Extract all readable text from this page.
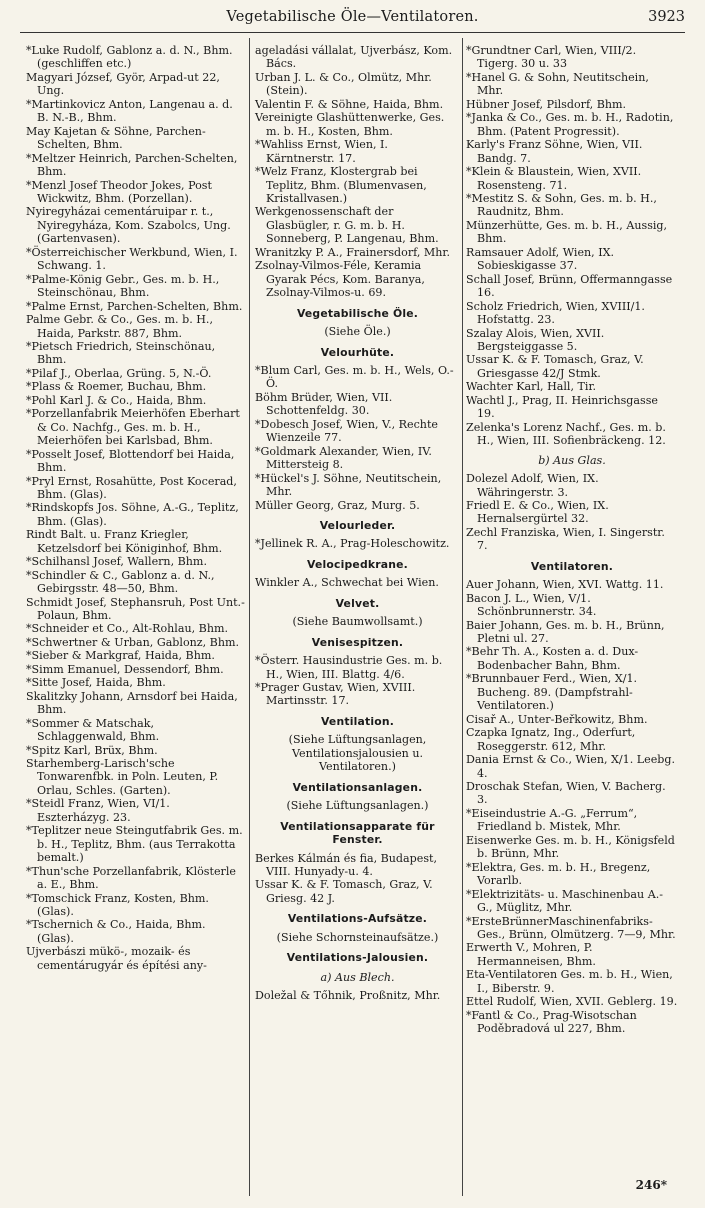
Vegetabilische Öle—Ventilatoren.	3923

*Luke Rudolf, Gablonz a. d. N., Bhm. (geschliffen etc.)

Magyari József, Györ, Arpad-ut 22, Ung.

*Martinkovicz Anton, Langenau a. d. B. N.-B., Bhm.

May Kajetan & Söhne, Parchen-Schelten, Bhm.

*Meltzer Heinrich, Parchen-Schelten, Bhm.

*Menzl Josef Theodor Jokes, Post Wickwitz, Bhm. (Porzellan).

Nyiregyházai cementáruipar r. t., Nyiregyháza, Kom. Szabolcs, Ung. (Gartenvasen).

*Österreichischer Werkbund, Wien, I. Schwang. 1.

*Palme-König Gebr., Ges. m. b. H., Steinschönau, Bhm.

*Palme Ernst, Parchen-Schelten, Bhm.

Palme Gebr. & Co., Ges. m. b. H., Haida, Parkstr. 887, Bhm.

*Pietsch Friedrich, Steinschönau, Bhm.

*Pilaf J., Oberlaa, Grüng. 5, N.-Ö.

*Plass & Roemer, Buchau, Bhm.

*Pohl Karl J. & Co., Haida, Bhm.

*Porzellanfabrik Meierhöfen Eberhart & Co. Nachfg., Ges. m. b. H., Meierhöfen bei Karlsbad, Bhm.

*Posselt Josef, Blottendorf bei Haida, Bhm.

*Pryl Ernst, Rosahütte, Post Kocerad, Bhm. (Glas).

*Rindskopfs Jos. Söhne, A.-G., Teplitz, Bhm. (Glas).

Rindt Balt. u. Franz Kriegler, Ketzelsdorf bei Königinhof, Bhm.

*Schilhansl Josef, Wallern, Bhm.

*Schindler & C., Gablonz a. d. N., Gebirgsstr. 48—50, Bhm.

Schmidt Josef, Stephansruh, Post Unt.-Polaun, Bhm.

*Schneider et Co., Alt-Rohlau, Bhm.

*Schwertner & Urban, Gablonz, Bhm.

*Sieber & Markgraf, Haida, Bhm.

*Simm Emanuel, Dessendorf, Bhm.

*Sitte Josef, Haida, Bhm.

Skalitzky Johann, Arnsdorf bei Haida, Bhm.

*Sommer & Matschak, Schlaggenwald, Bhm.

*Spitz Karl, Brüx, Bhm.

Starhemberg-Larisch'sche Tonwarenfbk. in Poln. Leuten, P. Orlau, Schles. (Garten).

*Steidl Franz, Wien, VI/1. Eszterházyg. 23.

*Teplitzer neue Steingutfabrik Ges. m. b. H., Teplitz, Bhm. (aus Terrakotta bemalt.)

*Thun'sche Porzellanfabrik, Klösterle a. E., Bhm.

*Tomschick Franz, Kosten, Bhm. (Glas).

*Tschernich & Co., Haida, Bhm. (Glas).

Ujverbászi mükö-, mozaik- és cementárugyár és építési any-

ageladási vállalat, Ujverbász, Kom. Bács.

Urban J. L. & Co., Olmütz, Mhr. (Stein).

Valentin F. & Söhne, Haida, Bhm.

Vereinigte Glashüttenwerke, Ges. m. b. H., Kosten, Bhm.

*Wahliss Ernst, Wien, I. Kärntnerstr. 17.

*Welz Franz, Klostergrab bei Teplitz, Bhm. (Blumenvasen, Kristallvasen.)

Werkgenossenschaft der Glasbügler, r. G. m. b. H. Sonneberg, P. Langenau, Bhm.

Wranitzky P. A., Frainersdorf, Mhr.

Zsolnay-Vilmos-Féle, Keramia Gyarak Pécs, Kom. Baranya, Zsolnay-Vilmos-u. 69.

Vegetabilische Öle.

(Siehe Öle.)

Velourhüte.

*Blum Carl, Ges. m. b. H., Wels, O.-Ö.

Böhm Brüder, Wien, VII. Schottenfeldg. 30.

*Dobesch Josef, Wien, V., Rechte Wienzeile 77.

*Goldmark Alexander, Wien, IV. Mittersteig 8.

*Hückel's J. Söhne, Neutitschein, Mhr.

Müller Georg, Graz, Murg. 5.

Velourleder.

*Jellinek R. A., Prag-Holeschowitz.

Velocipedkrane.

Winkler A., Schwechat bei Wien.

Velvet.

(Siehe Baumwollsamt.)

Venisespitzen.

*Österr. Hausindustrie Ges. m. b. H., Wien, III. Blattg. 4/6.

*Prager Gustav, Wien, XVIII. Martinsstr. 17.

Ventilation.

(Siehe Lüftungsanlagen, Ventilationsjalousien u. Ventilatoren.)

Ventilationsanlagen.

(Siehe Lüftungsanlagen.)

Ventilationsapparate für Fenster.

Berkes Kálmán és fia, Budapest, VIII. Hunyady-u. 4.

Ussar K. & F. Tomasch, Graz, V. Griesg. 42 J.

Ventilations-Aufsätze.

(Siehe Schornsteinaufsätze.)

Ventilations-Jalousien.

a) Aus Blech.

Doležal & Tőhnik, Proßnitz, Mhr.

*Grundtner Carl, Wien, VIII/2. Tigerg. 30 u. 33

*Hanel G. & Sohn, Neutitschein, Mhr.

Hübner Josef, Pilsdorf, Bhm.

*Janka & Co., Ges. m. b. H., Radotin, Bhm. (Patent Progressit).

Karly's Franz Söhne, Wien, VII. Bandg. 7.

*Klein & Blaustein, Wien, XVII. Rosensteng. 71.

*Mestitz S. & Sohn, Ges. m. b. H., Raudnitz, Bhm.

Münzerhütte, Ges. m. b. H., Aussig, Bhm.

Ramsauer Adolf, Wien, IX. Sobieskigasse 37.

Schall Josef, Brünn, Offermanngasse 16.

Scholz Friedrich, Wien, XVIII/1. Hofstattg. 23.

Szalay Alois, Wien, XVII. Bergsteiggasse 5.

Ussar K. & F. Tomasch, Graz, V. Griesgasse 42/J Stmk.

Wachter Karl, Hall, Tir.

Wachtl J., Prag, II. Heinrichsgasse 19.

Zelenka's Lorenz Nachf., Ges. m. b. H., Wien, III. Sofienbräckeng. 12.

b) Aus Glas.

Dolezel Adolf, Wien, IX. Währingerstr. 3.

Friedl E. & Co., Wien, IX. Hernalsergürtel 32.

Zechl Franziska, Wien, I. Singerstr. 7.

Ventilatoren.

Auer Johann, Wien, XVI. Wattg. 11.

Bacon J. L., Wien, V/1. Schönbrunnerstr. 34.

Baier Johann, Ges. m. b. H., Brünn, Pletni ul. 27.

*Behr Th. A., Kosten a. d. Dux-Bodenbacher Bahn, Bhm.

*Brunnbauer Ferd., Wien, X/1. Bucheng. 89. (Dampfstrahl-Ventilatoren.)

Cisař A., Unter-Beřkowitz, Bhm.

Czapka Ignatz, Ing., Oderfurt, Roseggerstr. 612, Mhr.

Dania Ernst & Co., Wien, X/1. Leebg. 4.

Droschak Stefan, Wien, V. Bacherg. 3.

*Eiseindustrie A.-G. „Ferrum“, Friedland b. Mistek, Mhr.

Eisenwerke Ges. m. b. H., Königsfeld b. Brünn, Mhr.

*Elektra, Ges. m. b. H., Bregenz, Vorarlb.

*Elektrizitäts- u. Maschinenbau A.-G., Müglitz, Mhr.

*ErsteBrünnerMaschinenfabriks-Ges., Brünn, Olmützerg. 7—9, Mhr.

Erwerth V., Mohren, P. Hermanneisen, Bhm.

Eta-Ventilatoren Ges. m. b. H., Wien, I., Biberstr. 9.

Ettel Rudolf, Wien, XVII. Geblerg. 19.

*Fantl & Co., Prag-Wisotschan Poděbradová ul 227, Bhm.

246*
